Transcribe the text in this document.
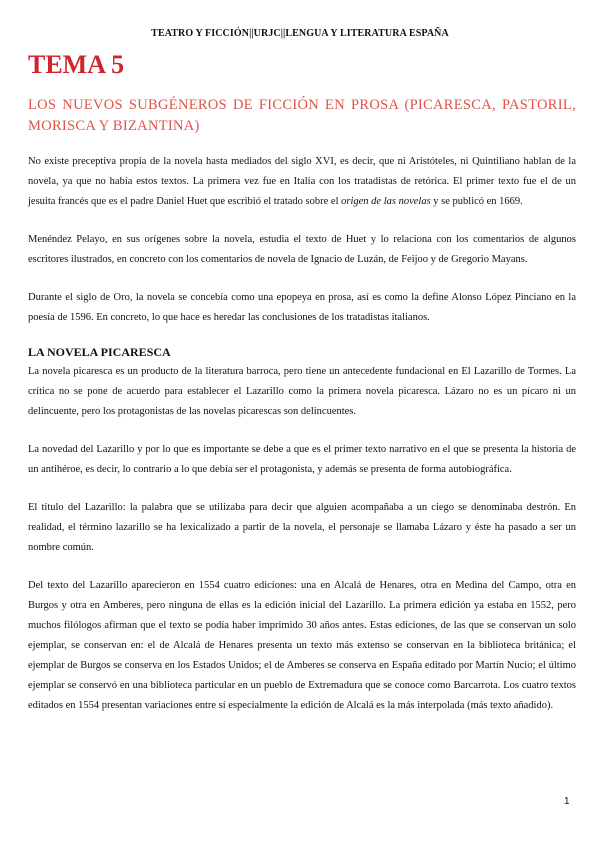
TEATRO Y FICCIÓN||URJC||LENGUA Y LITERATURA ESPAÑA
TEMA 5
LOS NUEVOS SUBGÉNEROS DE FICCIÓN EN PROSA (PICARESCA, PASTORIL, MORISCA Y BIZANTINA)

No existe preceptiva propia de la novela hasta mediados del siglo XVI, es decir, que ni Aristóteles, ni Quintiliano hablan de la novela, ya que no había estos textos. La primera vez fue en Italia con los tratadistas de retórica. El primer texto fue el de un jesuita francés que es el padre Daniel Huet que escribió el tratado sobre el origen de las novelas y se publicó en 1669.

Menéndez Pelayo, en sus orígenes sobre la novela, estudia el texto de Huet y lo relaciona con los comentarios de algunos escritores ilustrados, en concreto con los comentarios de novela de Ignacio de Luzán, de Feijoo y de Gregorio Mayans.

Durante el siglo de Oro, la novela se concebía como una epopeya en prosa, así es como la define Alonso López Pinciano en la poesía de 1596. En concreto, lo que hace es heredar las conclusiones de los tratadistas italianos.

LA NOVELA PICARESCA

La novela picaresca es un producto de la literatura barroca, pero tiene un antecedente fundacional en El Lazarillo de Tormes. La crítica no se pone de acuerdo para establecer el Lazarillo como la primera novela picaresca. Lázaro no es un pícaro ni un delincuente, pero los protagonistas de las novelas picarescas son delincuentes.

La novedad del Lazarillo y por lo que es importante se debe a que es el primer texto narrativo en el que se presenta la historia de un antihéroe, es decir, lo contrario a lo que debía ser el protagonista, y además se presenta de forma autobiográfica.

El título del Lazarillo: la palabra que se utilizaba para decir que alguien acompañaba a un ciego se denominaba destrón. En realidad, el término lazarillo se ha lexicalizado a partir de la novela, el personaje se llamaba Lázaro y éste ha pasado a ser un nombre común.

Del texto del Lazarillo aparecieron en 1554 cuatro ediciones: una en Alcalá de Henares, otra en Medina del Campo, otra en Burgos y otra en Amberes, pero ninguna de ellas es la edición inicial del Lazarillo. La primera edición ya estaba en 1552, pero muchos filólogos afirman que el texto se podía haber imprimido 30 años antes. Estas ediciones, de las que se conservan un solo ejemplar, se conservan en: el de Alcalá de Henares presenta un texto más extenso se conservan en la biblioteca británica; el ejemplar de Burgos se conserva en los Estados Unidos; el de Amberes se conserva en España editado por Martín Nucio; el último ejemplar se conservó en una biblioteca particular en un pueblo de Extremadura que se conoce como Barcarrota. Los cuatro textos editados en 1554 presentan variaciones entre sí especialmente la edición de Alcalá es la más interpolada (más texto añadido).

1
